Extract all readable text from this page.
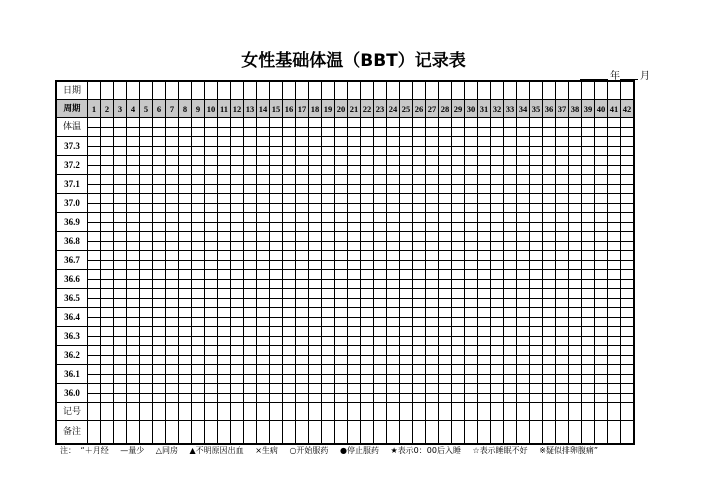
女性基础体温（BBT）记录表
年 月
日期																																										
周期	1	2	3	4	5	6	7	8	9	10	11	12	13	14	15	16	17	18	19	20	21	22	23	24	25	26	27	28	29	30	31	32	33	34	35	36	37	38	39	40	41	42
体温																																										

37.3																																										

37.2																																										

37.1																																										

37.0																																										

36.9																																										

36.8																																										

36.7																																										

36.6																																										

36.5																																										

36.4																																										

36.3																																										

36.2																																										

36.1																																										

36.0																																										

记号																																										
备注																																										
注： “＋月经 —量少 △同房 ▲不明原因出血 ×生病 ○开始服药 ●停止服药 ★表示0：00后入睡 ☆表示睡眠不好 ※疑似排卵腹痛”
